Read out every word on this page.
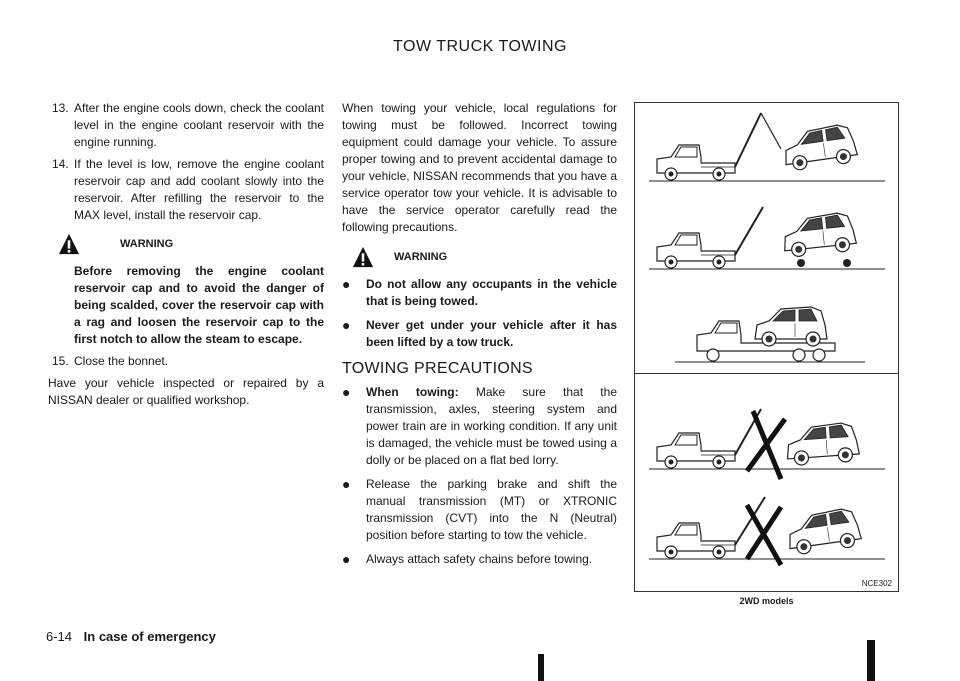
TOW TRUCK TOWING
13. After the engine cools down, check the coolant level in the engine coolant reservoir with the engine running.
14. If the level is low, remove the engine coolant reservoir cap and add coolant slowly into the reservoir. After refilling the reservoir to the MAX level, install the reservoir cap.
WARNING

Before removing the engine coolant reservoir cap and to avoid the danger of being scalded, cover the reservoir cap with a rag and loosen the reservoir cap to the first notch to allow the steam to escape.

15. Close the bonnet.

Have your vehicle inspected or repaired by a NISSAN dealer or qualified workshop.

When towing your vehicle, local regulations for towing must be followed. Incorrect towing equipment could damage your vehicle. To assure proper towing and to prevent accidental damage to your vehicle, NISSAN recommends that you have a service operator tow your vehicle. It is advisable to have the service operator carefully read the following precautions.

WARNING
● Do not allow any occupants in the vehicle that is being towed.
● Never get under your vehicle after it has been lifted by a tow truck.
TOWING PRECAUTIONS
● When towing: Make sure that the transmission, axles, steering system and power train are in working condition. If any unit is damaged, the vehicle must be towed using a dolly or be placed on a flat bed lorry.
● Release the parking brake and shift the manual transmission (MT) or XTRONIC transmission (CVT) into the N (Neutral) position before starting to tow the vehicle.
● Always attach safety chains before towing.
NCE302
2WD models
6-14 In case of emergency
